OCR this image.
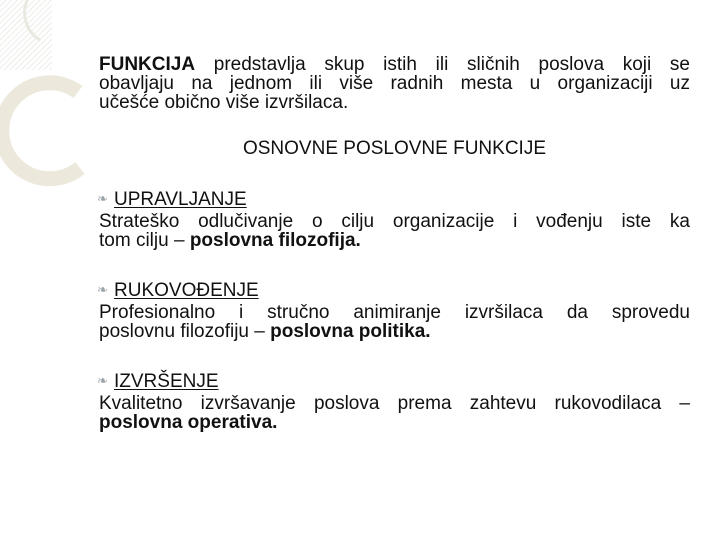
FUNKCIJA predstavlja skup istih ili sličnih poslova koji se
obavljaju na jednom ili više radnih mesta u organizaciji uz
učešće obično više izvršilaca.

OSNOVNE POSLOVNE FUNKCIJE

❧ UPRAVLJANJE

Strateško odlučivanje o cilju organizacije i vođenju iste ka
tom cilju – poslovna filozofija.

❧ RUKOVOĐENJE

Profesionalno i stručno animiranje izvršilaca da sprovedu
poslovnu filozofiju – poslovna politika.

❧ IZVRŠENJE

Kvalitetno izvršavanje poslova prema zahtevu rukovodilaca –
poslovna operativa.
